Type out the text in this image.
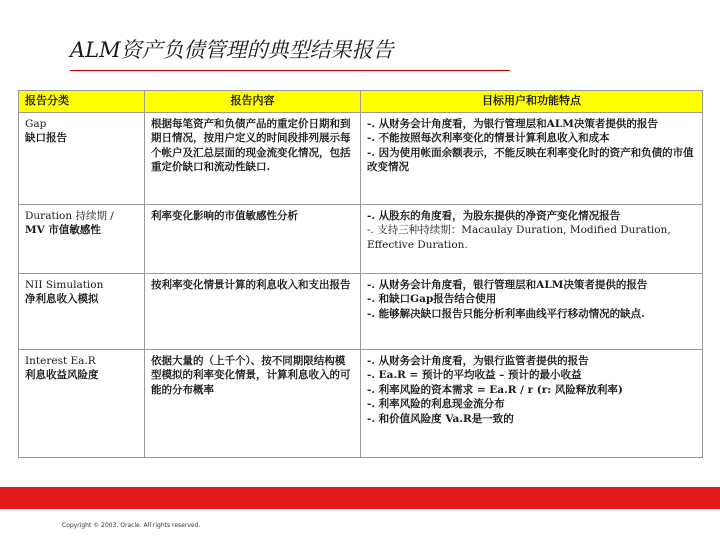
ALM资产负债管理的典型结果报告
报告分类	报告内容	目标用户和功能特点

Gap
缺口报告	根据每笔资产和负债产品的重定价日期和到期日情况，按用户定义的时间段排列展示每个帐户及汇总层面的现金流变化情况，包括重定价缺口和流动性缺口.	-. 从财务会计角度看，为银行管理层和ALM决策者提供的报告
-. 不能按照每次利率变化的情景计算利息收入和成本
-. 因为使用帐面余额表示，不能反映在利率变化时的资产和负债的市值改变情况

Duration 持续期 /
MV 市值敏感性	利率变化影响的市值敏感性分析	-. 从股东的角度看，为股东提供的净资产变化情况报告
-. 支持三种持续期：Macaulay Duration, Modified Duration, Effective Duration.

NII Simulation
净利息收入模拟	按利率变化情景计算的利息收入和支出报告	-. 从财务会计角度看，银行管理层和ALM决策者提供的报告
-. 和缺口Gap报告结合使用
-. 能够解决缺口报告只能分析利率曲线平行移动情况的缺点.

Interest Ea.R
利息收益风险度	依据大量的（上千个）、按不同期限结构模型模拟的利率变化情景，计算利息收入的可能的分布概率	-. 从财务会计角度看，为银行监管者提供的报告
-. Ea.R = 预计的平均收益 – 预计的最小收益
-. 利率风险的资本需求 = Ea.R / r (r: 风险释放利率)
-. 利率风险的利息现金流分布
-. 和价值风险度 Va.R是一致的
Copyright © 2003, Oracle. All rights reserved.
